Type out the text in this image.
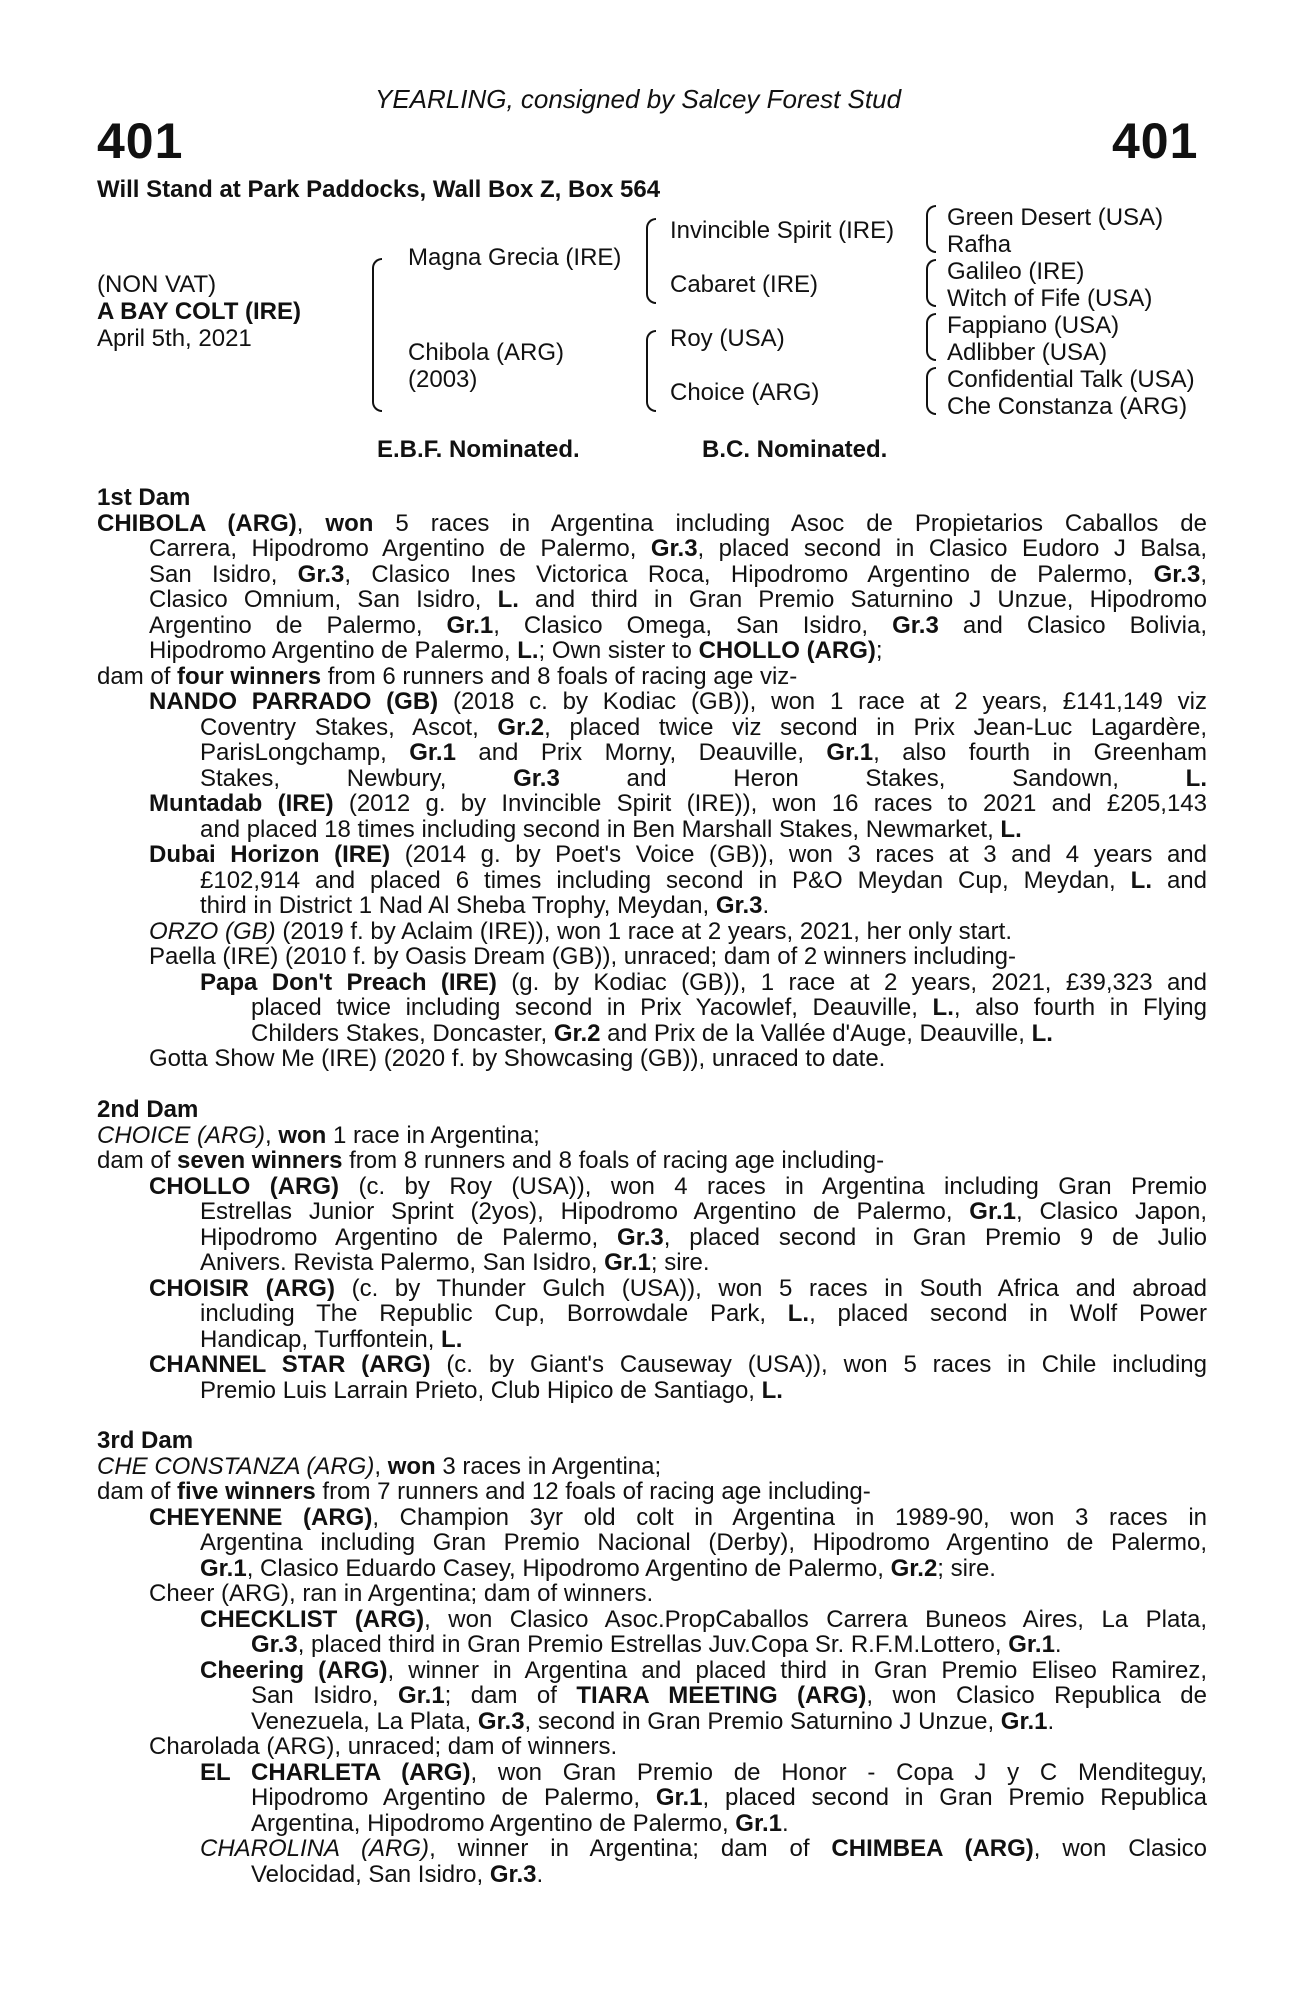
YEARLING, consigned by Salcey Forest Stud
401	401
Will Stand at Park Paddocks, Wall Box Z, Box 564
(NON VAT)
A BAY COLT (IRE)
April 5th, 2021
Magna Grecia (IRE)
Chibola (ARG)
(2003)
Invincible Spirit (IRE)
Cabaret (IRE)
Roy (USA)
Choice (ARG)
Green Desert (USA)
Rafha
Galileo (IRE)
Witch of Fife (USA)
Fappiano (USA)
Adlibber (USA)
Confidential Talk (USA)
Che Constanza (ARG)
E.B.F. Nominated.	B.C. Nominated.
1st Dam
CHIBOLA (ARG), won 5 races in Argentina including Asoc de Propietarios Caballos de
Carrera, Hipodromo Argentino de Palermo, Gr.3, placed second in Clasico Eudoro J Balsa,
San Isidro, Gr.3, Clasico Ines Victorica Roca, Hipodromo Argentino de Palermo, Gr.3,
Clasico Omnium, San Isidro, L. and third in Gran Premio Saturnino J Unzue, Hipodromo
Argentino de Palermo, Gr.1, Clasico Omega, San Isidro, Gr.3 and Clasico Bolivia,
Hipodromo Argentino de Palermo, L.; Own sister to CHOLLO (ARG);
dam of four winners from 6 runners and 8 foals of racing age viz-
NANDO PARRADO (GB) (2018 c. by Kodiac (GB)), won 1 race at 2 years, £141,149 viz
Coventry Stakes, Ascot, Gr.2, placed twice viz second in Prix Jean-Luc Lagardère,
ParisLongchamp, Gr.1 and Prix Morny, Deauville, Gr.1, also fourth in Greenham
Stakes, Newbury, Gr.3 and Heron Stakes, Sandown, L.
Muntadab (IRE) (2012 g. by Invincible Spirit (IRE)), won 16 races to 2021 and £205,143
and placed 18 times including second in Ben Marshall Stakes, Newmarket, L.
Dubai Horizon (IRE) (2014 g. by Poet's Voice (GB)), won 3 races at 3 and 4 years and
£102,914 and placed 6 times including second in P&O Meydan Cup, Meydan, L. and
third in District 1 Nad Al Sheba Trophy, Meydan, Gr.3.
ORZO (GB) (2019 f. by Aclaim (IRE)), won 1 race at 2 years, 2021, her only start.
Paella (IRE) (2010 f. by Oasis Dream (GB)), unraced; dam of 2 winners including-
Papa Don't Preach (IRE) (g. by Kodiac (GB)), 1 race at 2 years, 2021, £39,323 and
placed twice including second in Prix Yacowlef, Deauville, L., also fourth in Flying
Childers Stakes, Doncaster, Gr.2 and Prix de la Vallée d'Auge, Deauville, L.
Gotta Show Me (IRE) (2020 f. by Showcasing (GB)), unraced to date.
2nd Dam
CHOICE (ARG), won 1 race in Argentina;
dam of seven winners from 8 runners and 8 foals of racing age including-
CHOLLO (ARG) (c. by Roy (USA)), won 4 races in Argentina including Gran Premio
Estrellas Junior Sprint (2yos), Hipodromo Argentino de Palermo, Gr.1, Clasico Japon,
Hipodromo Argentino de Palermo, Gr.3, placed second in Gran Premio 9 de Julio
Anivers. Revista Palermo, San Isidro, Gr.1; sire.
CHOISIR (ARG) (c. by Thunder Gulch (USA)), won 5 races in South Africa and abroad
including The Republic Cup, Borrowdale Park, L., placed second in Wolf Power
Handicap, Turffontein, L.
CHANNEL STAR (ARG) (c. by Giant's Causeway (USA)), won 5 races in Chile including
Premio Luis Larrain Prieto, Club Hipico de Santiago, L.
3rd Dam
CHE CONSTANZA (ARG), won 3 races in Argentina;
dam of five winners from 7 runners and 12 foals of racing age including-
CHEYENNE (ARG), Champion 3yr old colt in Argentina in 1989-90, won 3 races in
Argentina including Gran Premio Nacional (Derby), Hipodromo Argentino de Palermo,
Gr.1, Clasico Eduardo Casey, Hipodromo Argentino de Palermo, Gr.2; sire.
Cheer (ARG), ran in Argentina; dam of winners.
CHECKLIST (ARG), won Clasico Asoc.PropCaballos Carrera Buneos Aires, La Plata,
Gr.3, placed third in Gran Premio Estrellas Juv.Copa Sr. R.F.M.Lottero, Gr.1.
Cheering (ARG), winner in Argentina and placed third in Gran Premio Eliseo Ramirez,
San Isidro, Gr.1; dam of TIARA MEETING (ARG), won Clasico Republica de
Venezuela, La Plata, Gr.3, second in Gran Premio Saturnino J Unzue, Gr.1.
Charolada (ARG), unraced; dam of winners.
EL CHARLETA (ARG), won Gran Premio de Honor - Copa J y C Menditeguy,
Hipodromo Argentino de Palermo, Gr.1, placed second in Gran Premio Republica
Argentina, Hipodromo Argentino de Palermo, Gr.1.
CHAROLINA (ARG), winner in Argentina; dam of CHIMBEA (ARG), won Clasico
Velocidad, San Isidro, Gr.3.
